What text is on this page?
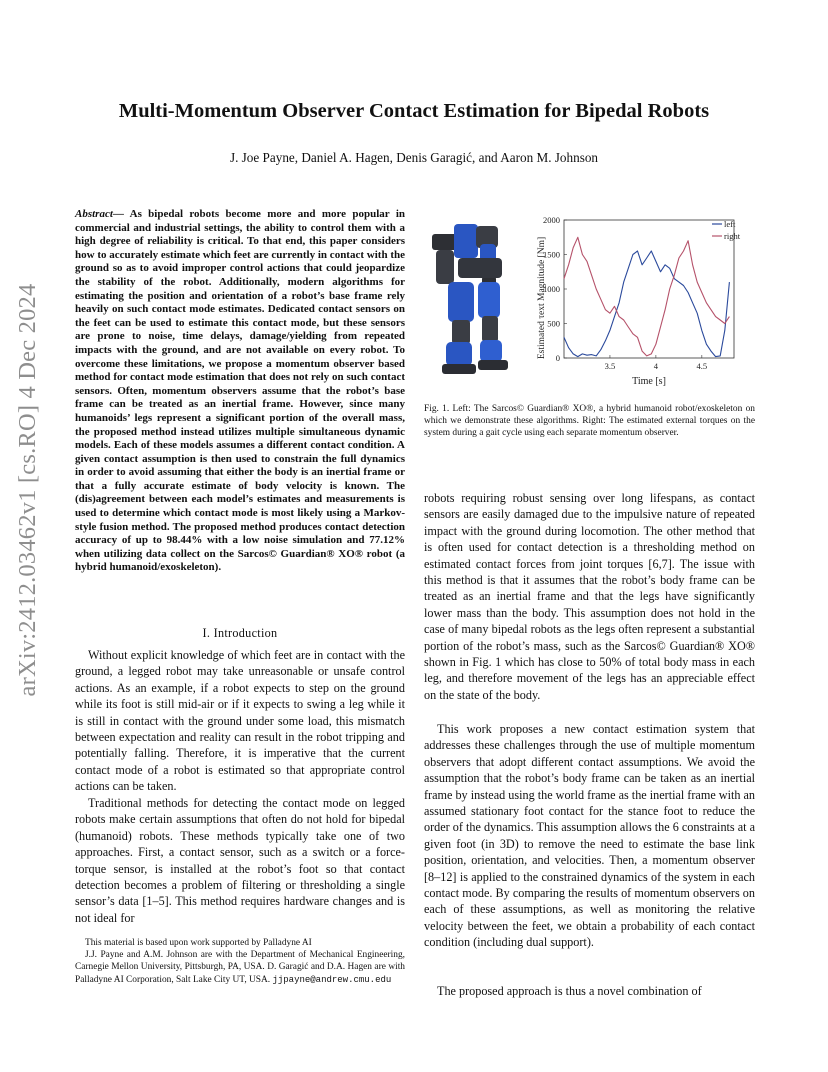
arXiv:2412.03462v1 [cs.RO] 4 Dec 2024
Multi-Momentum Observer Contact Estimation for Bipedal Robots
J. Joe Payne, Daniel A. Hagen, Denis Garagić, and Aaron M. Johnson
Abstract— As bipedal robots become more and more popular in commercial and industrial settings, the ability to control them with a high degree of reliability is critical. To that end, this paper considers how to accurately estimate which feet are currently in contact with the ground so as to avoid improper control actions that could jeopardize the stability of the robot. Additionally, modern algorithms for estimating the position and orientation of a robot’s base frame rely heavily on such contact mode estimates. Dedicated contact sensors on the feet can be used to estimate this contact mode, but these sensors are prone to noise, time delays, damage/yielding from repeated impacts with the ground, and are not available on every robot. To overcome these limitations, we propose a momentum observer based method for contact mode estimation that does not rely on such contact sensors. Often, momentum observers assume that the robot’s base frame can be treated as an inertial frame. However, since many humanoids’ legs represent a significant portion of the overall mass, the proposed method instead utilizes multiple simultaneous dynamic models. Each of these models assumes a different contact condition. A given contact assumption is then used to constrain the full dynamics in order to avoid assuming that either the body is an inertial frame or that a fully accurate estimate of body velocity is known. The (dis)agreement between each model’s estimates and measurements is used to determine which contact mode is most likely using a Markov-style fusion method. The proposed method produces contact detection accuracy of up to 98.44% with a low noise simulation and 77.12% when utilizing data collect on the Sarcos© Guardian® XO® robot (a hybrid humanoid/exoskeleton).
I. Introduction

Without explicit knowledge of which feet are in contact with the ground, a legged robot may take unreasonable or unsafe control actions. As an example, if a robot expects to step on the ground while its foot is still mid-air or if it expects to swing a leg while it is still in contact with the ground under some load, this mismatch between expectation and reality can result in the robot tripping and potentially falling. Therefore, it is imperative that the current contact mode of a robot is estimated so that appropriate control actions can be taken.

Traditional methods for detecting the contact mode on legged robots make certain assumptions that often do not hold for bipedal (humanoid) robots. These methods typically take one of two approaches. First, a contact sensor, such as a switch or a force-torque sensor, is installed at the robot’s foot so that contact detection becomes a problem of filtering or thresholding a single sensor’s data [1–5]. This method requires hardware changes and is not ideal for

This material is based upon work supported by Palladyne AI

J.J. Payne and A.M. Johnson are with the Department of Mechanical Engineering, Carnegie Mellon University, Pittsburgh, PA, USA. D. Garagić and D.A. Hagen are with Palladyne AI Corporation, Salt Lake City UT, USA. jjpayne@andrew.cmu.edu

Estimated τext Magnitude [Nm]
Time [s]
0
500
1000
1500
2000
3.5	4	4.5
left
right
Fig. 1. Left: The Sarcos© Guardian® XO®, a hybrid humanoid robot/exoskeleton on which we demonstrate these algorithms. Right: The estimated external torques on the system during a gait cycle using each separate momentum observer.

robots requiring robust sensing over long lifespans, as contact sensors are easily damaged due to the impulsive nature of repeated impact with the ground during locomotion. The other method that is often used for contact detection is a thresholding method on estimated contact forces from joint torques [6,7]. The issue with this method is that it assumes that the robot’s body frame can be treated as an inertial frame and that the legs have significantly lower mass than the body. This assumption does not hold in the case of many bipedal robots as the legs often represent a substantial portion of the robot’s mass, such as the Sarcos© Guardian® XO® shown in Fig. 1 which has close to 50% of total body mass in each leg, and therefore movement of the legs has an appreciable effect on the state of the body.

This work proposes a new contact estimation system that addresses these challenges through the use of multiple momentum observers that adopt different contact assumptions. We avoid the assumption that the robot’s body frame can be taken as an inertial frame by instead using the world frame as the inertial frame with an assumed stationary foot contact for the stance foot to reduce the order of the dynamics. This assumption allows the 6 constraints at a given foot (in 3D) to remove the need to estimate the base link position, orientation, and velocities. Then, a momentum observer [8–12] is applied to the constrained dynamics of the system in each contact mode. By comparing the results of momentum observers on each of these assumptions, as well as monitoring the relative velocity between the feet, we obtain a probability of each contact condition (including dual support).

The proposed approach is thus a novel combination of
